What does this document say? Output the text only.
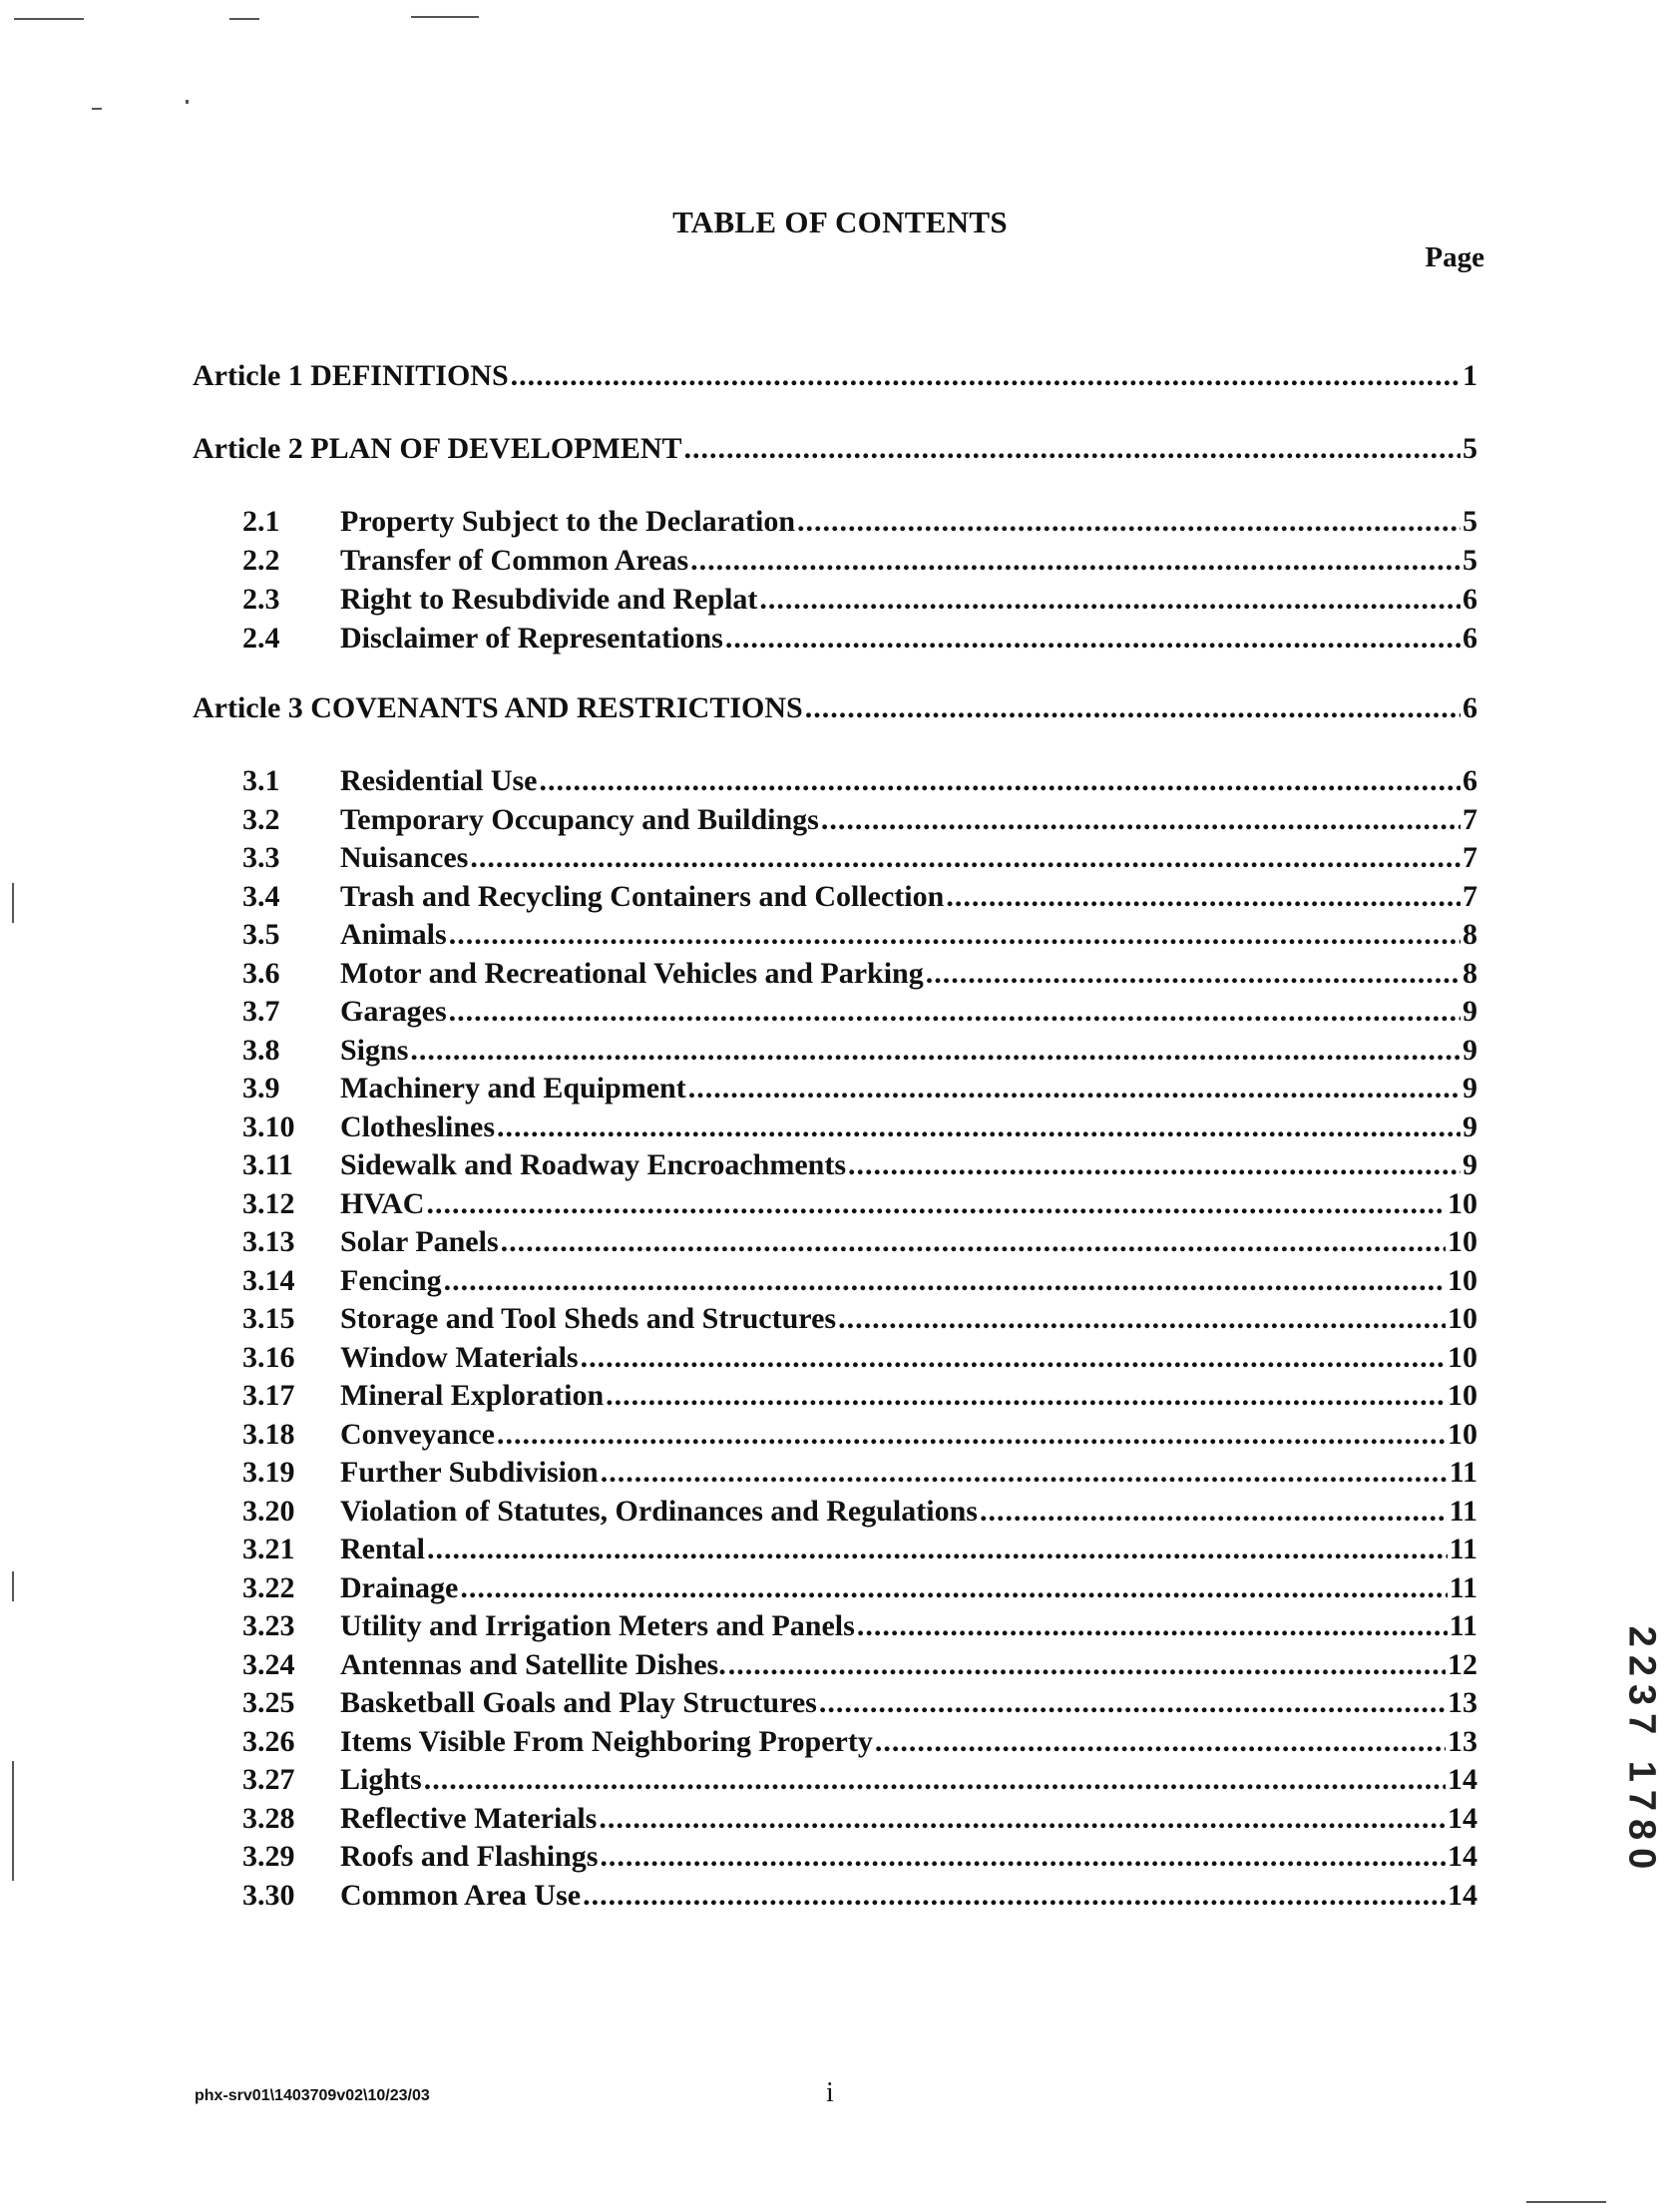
TABLE OF CONTENTS
Page
Article 1 DEFINITIONS .....	1
Article 2 PLAN OF DEVELOPMENT .....	5
2.1	Property Subject to the Declaration .....	5
2.2	Transfer of Common Areas .....	5
2.3	Right to Resubdivide and Replat .....	6
2.4	Disclaimer of Representations .....	6
Article 3 COVENANTS AND RESTRICTIONS .....	6
3.1	Residential Use .....	6
3.2	Temporary Occupancy and Buildings .....	7
3.3	Nuisances .....	7
3.4	Trash and Recycling Containers and Collection .....	7
3.5	Animals .....	8
3.6	Motor and Recreational Vehicles and Parking .....	8
3.7	Garages .....	9
3.8	Signs .....	9
3.9	Machinery and Equipment .....	9
3.10	Clotheslines .....	9
3.11	Sidewalk and Roadway Encroachments .....	9
3.12	HVAC .....	10
3.13	Solar Panels .....	10
3.14	Fencing .....	10
3.15	Storage and Tool Sheds and Structures .....	10
3.16	Window Materials .....	10
3.17	Mineral Exploration .....	10
3.18	Conveyance .....	10
3.19	Further Subdivision .....	11
3.20	Violation of Statutes, Ordinances and Regulations .....	11
3.21	Rental .....	11
3.22	Drainage .....	11
3.23	Utility and Irrigation Meters and Panels .....	11
3.24	Antennas and Satellite Dishes. .....	12
3.25	Basketball Goals and Play Structures .....	13
3.26	Items Visible From Neighboring Property .....	13
3.27	Lights .....	14
3.28	Reflective Materials .....	14
3.29	Roofs and Flashings .....	14
3.30	Common Area Use .....	14
2237 1780
phx-srv01\1403709v02\10/23/03	i
